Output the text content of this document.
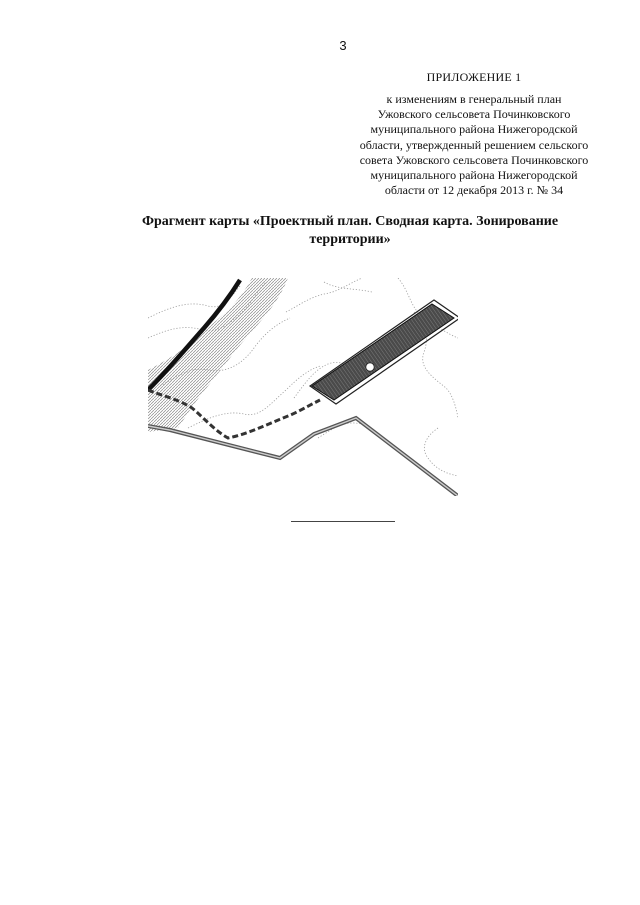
3
ПРИЛОЖЕНИЕ 1
к изменениям в генеральный план
Ужовского сельсовета Починковского
муниципального района Нижегородской
области, утвержденный решением сельского
совета Ужовского сельсовета Починковского
муниципального района Нижегородской
области от 12 декабря 2013 г. № 34
Фрагмент карты «Проектный план. Сводная карта. Зонирование
территории»
